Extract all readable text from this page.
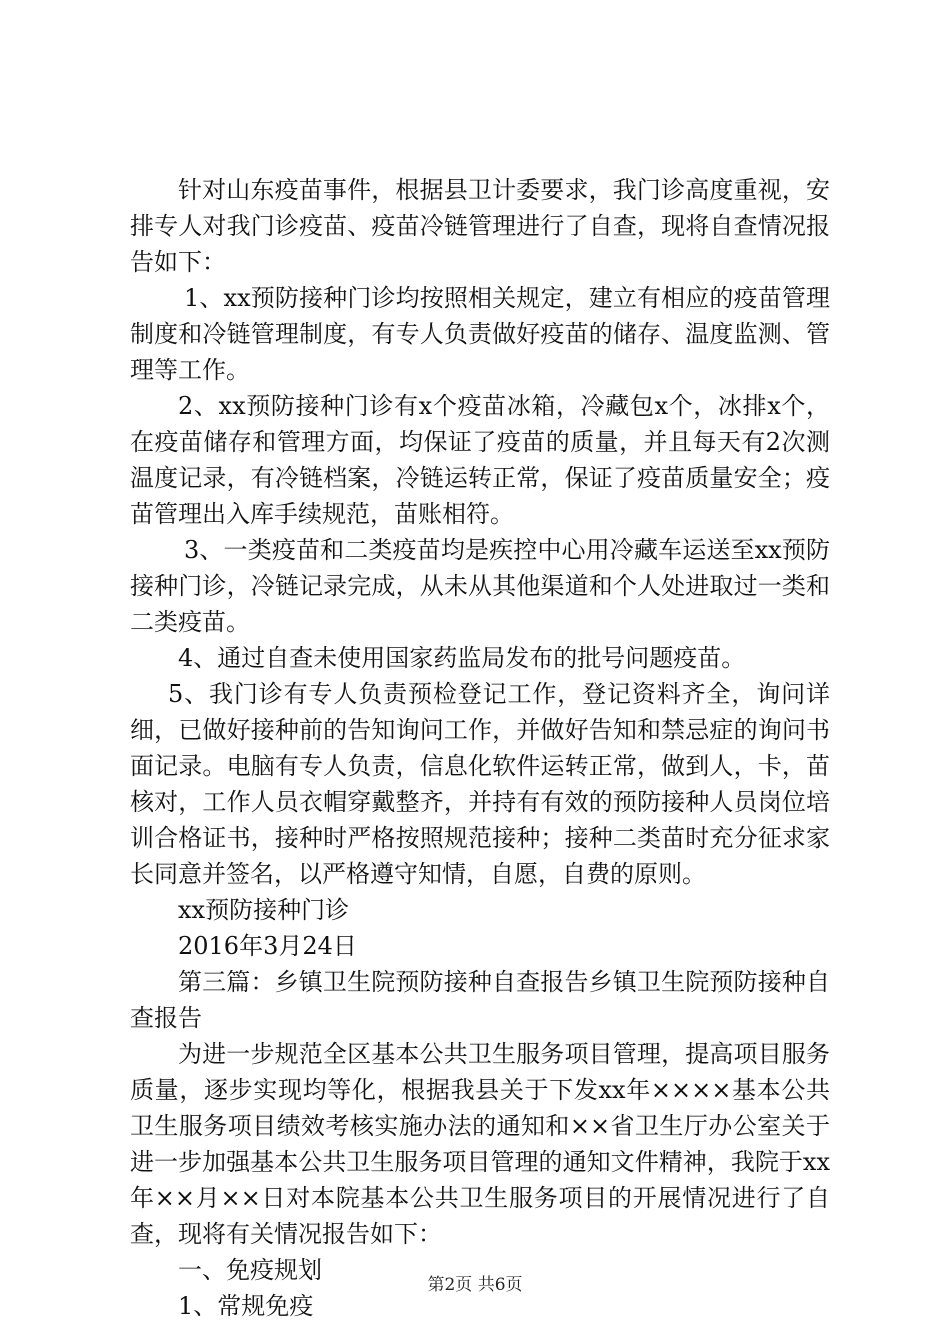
针对山东疫苗事件，根据县卫计委要求，我门诊高度重视，安排专人对我门诊疫苗、疫苗冷链管理进行了自查，现将自查情况报告如下：

1、xx预防接种门诊均按照相关规定，建立有相应的疫苗管理制度和冷链管理制度，有专人负责做好疫苗的储存、温度监测、管理等工作。

2、xx预防接种门诊有x个疫苗冰箱，冷藏包x个，冰排x个，在疫苗储存和管理方面，均保证了疫苗的质量，并且每天有2次测温度记录，有冷链档案，冷链运转正常，保证了疫苗质量安全；疫苗管理出入库手续规范，苗账相符。

3、一类疫苗和二类疫苗均是疾控中心用冷藏车运送至xx预防接种门诊，冷链记录完成，从未从其他渠道和个人处进取过一类和二类疫苗。

4、通过自查未使用国家药监局发布的批号问题疫苗。

5、我门诊有专人负责预检登记工作，登记资料齐全，询问详细，已做好接种前的告知询问工作，并做好告知和禁忌症的询问书面记录。电脑有专人负责，信息化软件运转正常，做到人，卡，苗核对，工作人员衣帽穿戴整齐，并持有有效的预防接种人员岗位培训合格证书，接种时严格按照规范接种；接种二类苗时充分征求家长同意并签名，以严格遵守知情，自愿，自费的原则。

xx预防接种门诊

2016年3月24日

第三篇：乡镇卫生院预防接种自查报告乡镇卫生院预防接种自查报告

为进一步规范全区基本公共卫生服务项目管理，提高项目服务质量，逐步实现均等化，根据我县关于下发xx年××××基本公共卫生服务项目绩效考核实施办法的通知和××省卫生厅办公室关于进一步加强基本公共卫生服务项目管理的通知文件精神，我院于xx年××月××日对本院基本公共卫生服务项目的开展情况进行了自查，现将有关情况报告如下：

一、免疫规划

1、常规免疫

第2页 共6页
